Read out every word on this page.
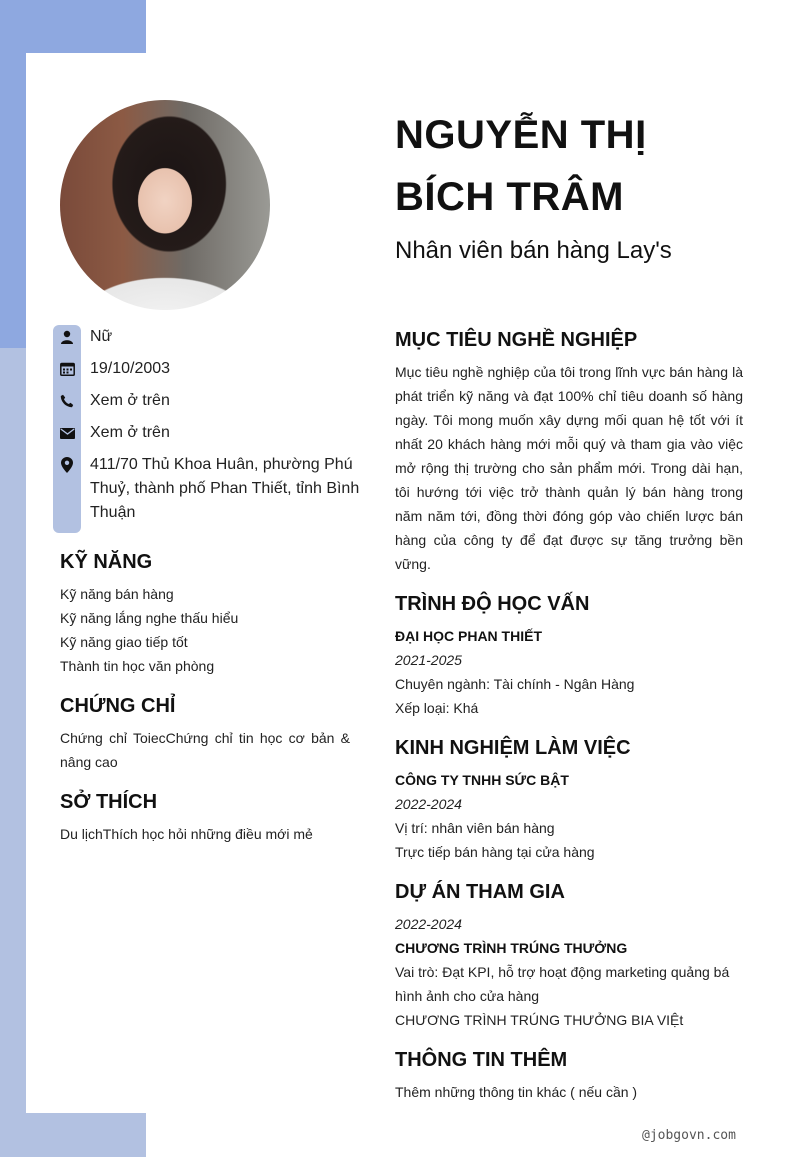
NGUYỄN THỊ
BÍCH TRÂM
Nhân viên bán hàng Lay's
Nữ
19/10/2003
Xem ở trên
Xem ở trên
411/70 Thủ Khoa Huân, phường Phú Thuỷ, thành phố Phan Thiết, tỉnh Bình Thuận
KỸ NĂNG
Kỹ năng bán hàng
Kỹ năng lắng nghe thấu hiểu
Kỹ năng giao tiếp tốt
Thành tin học văn phòng
CHỨNG CHỈ
Chứng chỉ ToiecChứng chỉ tin học cơ bản & nâng cao
SỞ THÍCH
Du lịchThích học hỏi những điều mới mẻ
MỤC TIÊU NGHỀ NGHIỆP
Mục tiêu nghề nghiệp của tôi trong lĩnh vực bán hàng là phát triển kỹ năng và đạt 100% chỉ tiêu doanh số hàng ngày. Tôi mong muốn xây dựng mối quan hệ tốt với ít nhất 20 khách hàng mới mỗi quý và tham gia vào việc mở rộng thị trường cho sản phẩm mới. Trong dài hạn, tôi hướng tới việc trở thành quản lý bán hàng trong năm năm tới, đồng thời đóng góp vào chiến lược bán hàng của công ty để đạt được sự tăng trưởng bền vững.
TRÌNH ĐỘ HỌC VẤN
ĐẠI HỌC PHAN THIẾT
2021-2025
Chuyên ngành: Tài chính - Ngân Hàng
Xếp loại: Khá
KINH NGHIỆM LÀM VIỆC
CÔNG TY TNHH SỨC BẬT
2022-2024
Vị trí: nhân viên bán hàng
Trực tiếp bán hàng tại cửa hàng
DỰ ÁN THAM GIA
2022-2024
CHƯƠNG TRÌNH TRÚNG THƯỞNG
Vai trò: Đạt KPI, hỗ trợ hoạt động marketing quảng bá hình ảnh cho cửa hàng
CHƯƠNG TRÌNH TRÚNG THƯỞNG BIA VIỆt
THÔNG TIN THÊM
Thêm những thông tin khác ( nếu cần )
@jobgovn.com
